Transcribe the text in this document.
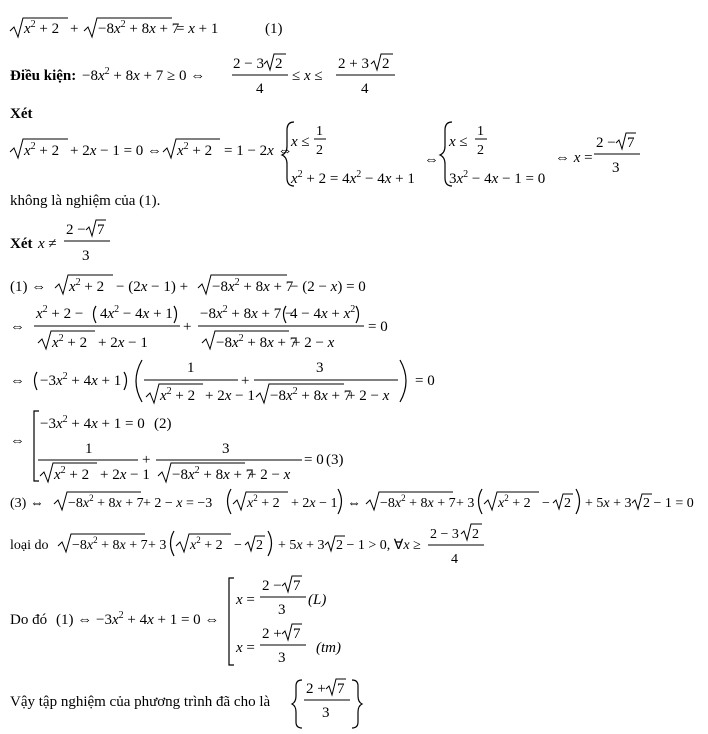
$x^2 + 2 + -8x^2 + 8x + 7$
= x + 1	(1)
Điều kiện: $-8x^2 + 8x + 7 \ge 0$ ⇔
2 − 3 2
4
≤ x ≤
2 + 3 2
4
Xét
$x^2 + 2 + 2x - 1 = 0$ ⇔ $x^2 + 2 = 1 - 2x$ ⇔
x ≤
1
2
$x^2 + 2 = 4x^2 - 4x + 1$
⇔
x ≤
1
2
$3x^2 - 4x - 1 = 0$
⇔ x =
2 − 7
3
không là nghiệm của (1).
Xét x ≠
2 − 7
3
(1) ⇔ $x^2 + 2 - (2x - 1) + -8x^2 + 8x + 7$
− (2 − x) = 0
⇔
$x^2 + 2 - 4x^2 - 4x + 1$
$x^2 + 2 + 2x - 1$
+
$-8x^2 + 8x + 7$ −
$4 - 4x + x^2$
$-8x^2 + 8x + 7$
+ 2 − x
= 0
⇔ $-3x^2 + 4x + 1$
1
$x^2 + 2 + 2x - 1$
+
3
$-8x^2 + 8x + 7$
+ 2 − x
= 0
⇔
$-3x^2 + 4x + 1 = 0$ (2)
1
$x^2 + 2 + 2x - 1$
+
3
$-8x^2 + 8x + 7$
+ 2 − x
= 0 (3)
(3) ⇔ $-8x^2 + 8x + 7 + 2 - x = -3$ $x^2 + 2 + 2x - 1$ ⇔ $-8x^2 + 8x + 7 + 3$ $x^2 + 2 - 2 + 5x + 3$ 2 − 1 = 0
loại do $-8x^2 + 8x + 7 + 3$ $x^2 + 2 - 2 + 5x + 3$ 2 − 1 > 0, ∀x ≥
2 − 3 2
4
Do đó (1) ⇔ $-3x^2 + 4x + 1 = 0$ ⇔
x =
2 − 7
3
(L)
x =
2 + 7
3
(tm)
Vậy tập nghiệm của phương trình đã cho là
2 + 7
3
